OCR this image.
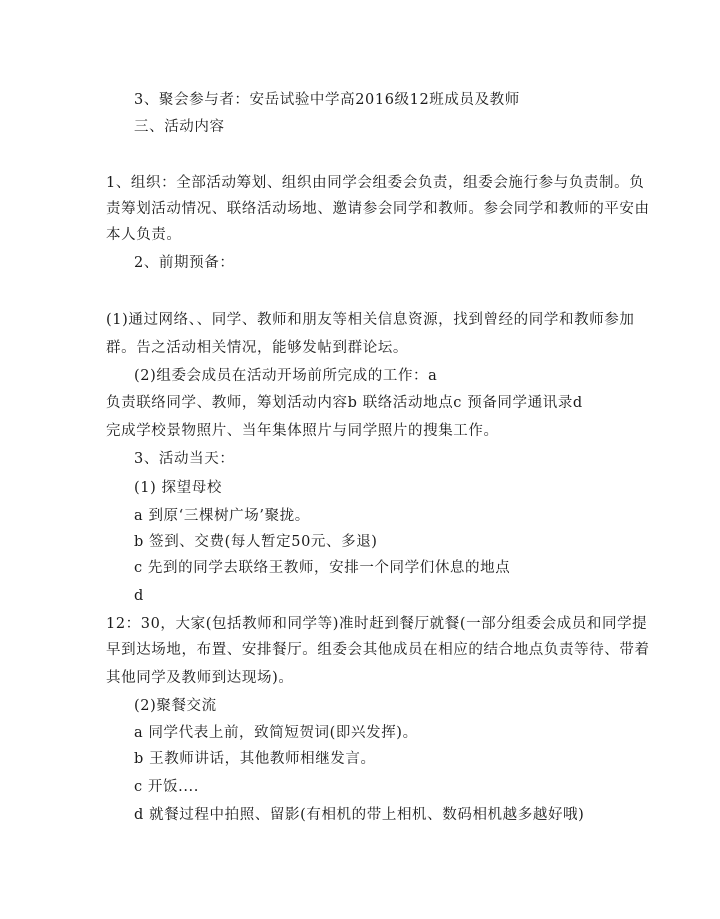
3、聚会参与者：安岳试验中学高2016级12班成员及教师
三、活动内容
1、组织：全部活动筹划、组织由同学会组委会负责，组委会施行参与负责制。负
责筹划活动情况、联络活动场地、邀请参会同学和教师。参会同学和教师的平安由
本人负责。
2、前期预备：
(1)通过网络、、同学、教师和朋友等相关信息资源，找到曾经的同学和教师参加
群。告之活动相关情况，能够发帖到群论坛。
(2)组委会成员在活动开场前所完成的工作：a
负责联络同学、教师，筹划活动内容b 联络活动地点c 预备同学通讯录d
完成学校景物照片、当年集体照片与同学照片的搜集工作。
3、活动当天：
(1) 探望母校
a 到原‘三棵树广场’聚拢。
b 签到、交费(每人暂定50元、多退)
c 先到的同学去联络王教师，安排一个同学们休息的地点
d
12：30，大家(包括教师和同学等)准时赶到餐厅就餐(一部分组委会成员和同学提
早到达场地，布置、安排餐厅。组委会其他成员在相应的结合地点负责等待、带着
其他同学及教师到达现场)。
(2)聚餐交流
a 同学代表上前，致简短贺词(即兴发挥)。
b 王教师讲话，其他教师相继发言。
c 开饭....
d 就餐过程中拍照、留影(有相机的带上相机、数码相机越多越好哦)
